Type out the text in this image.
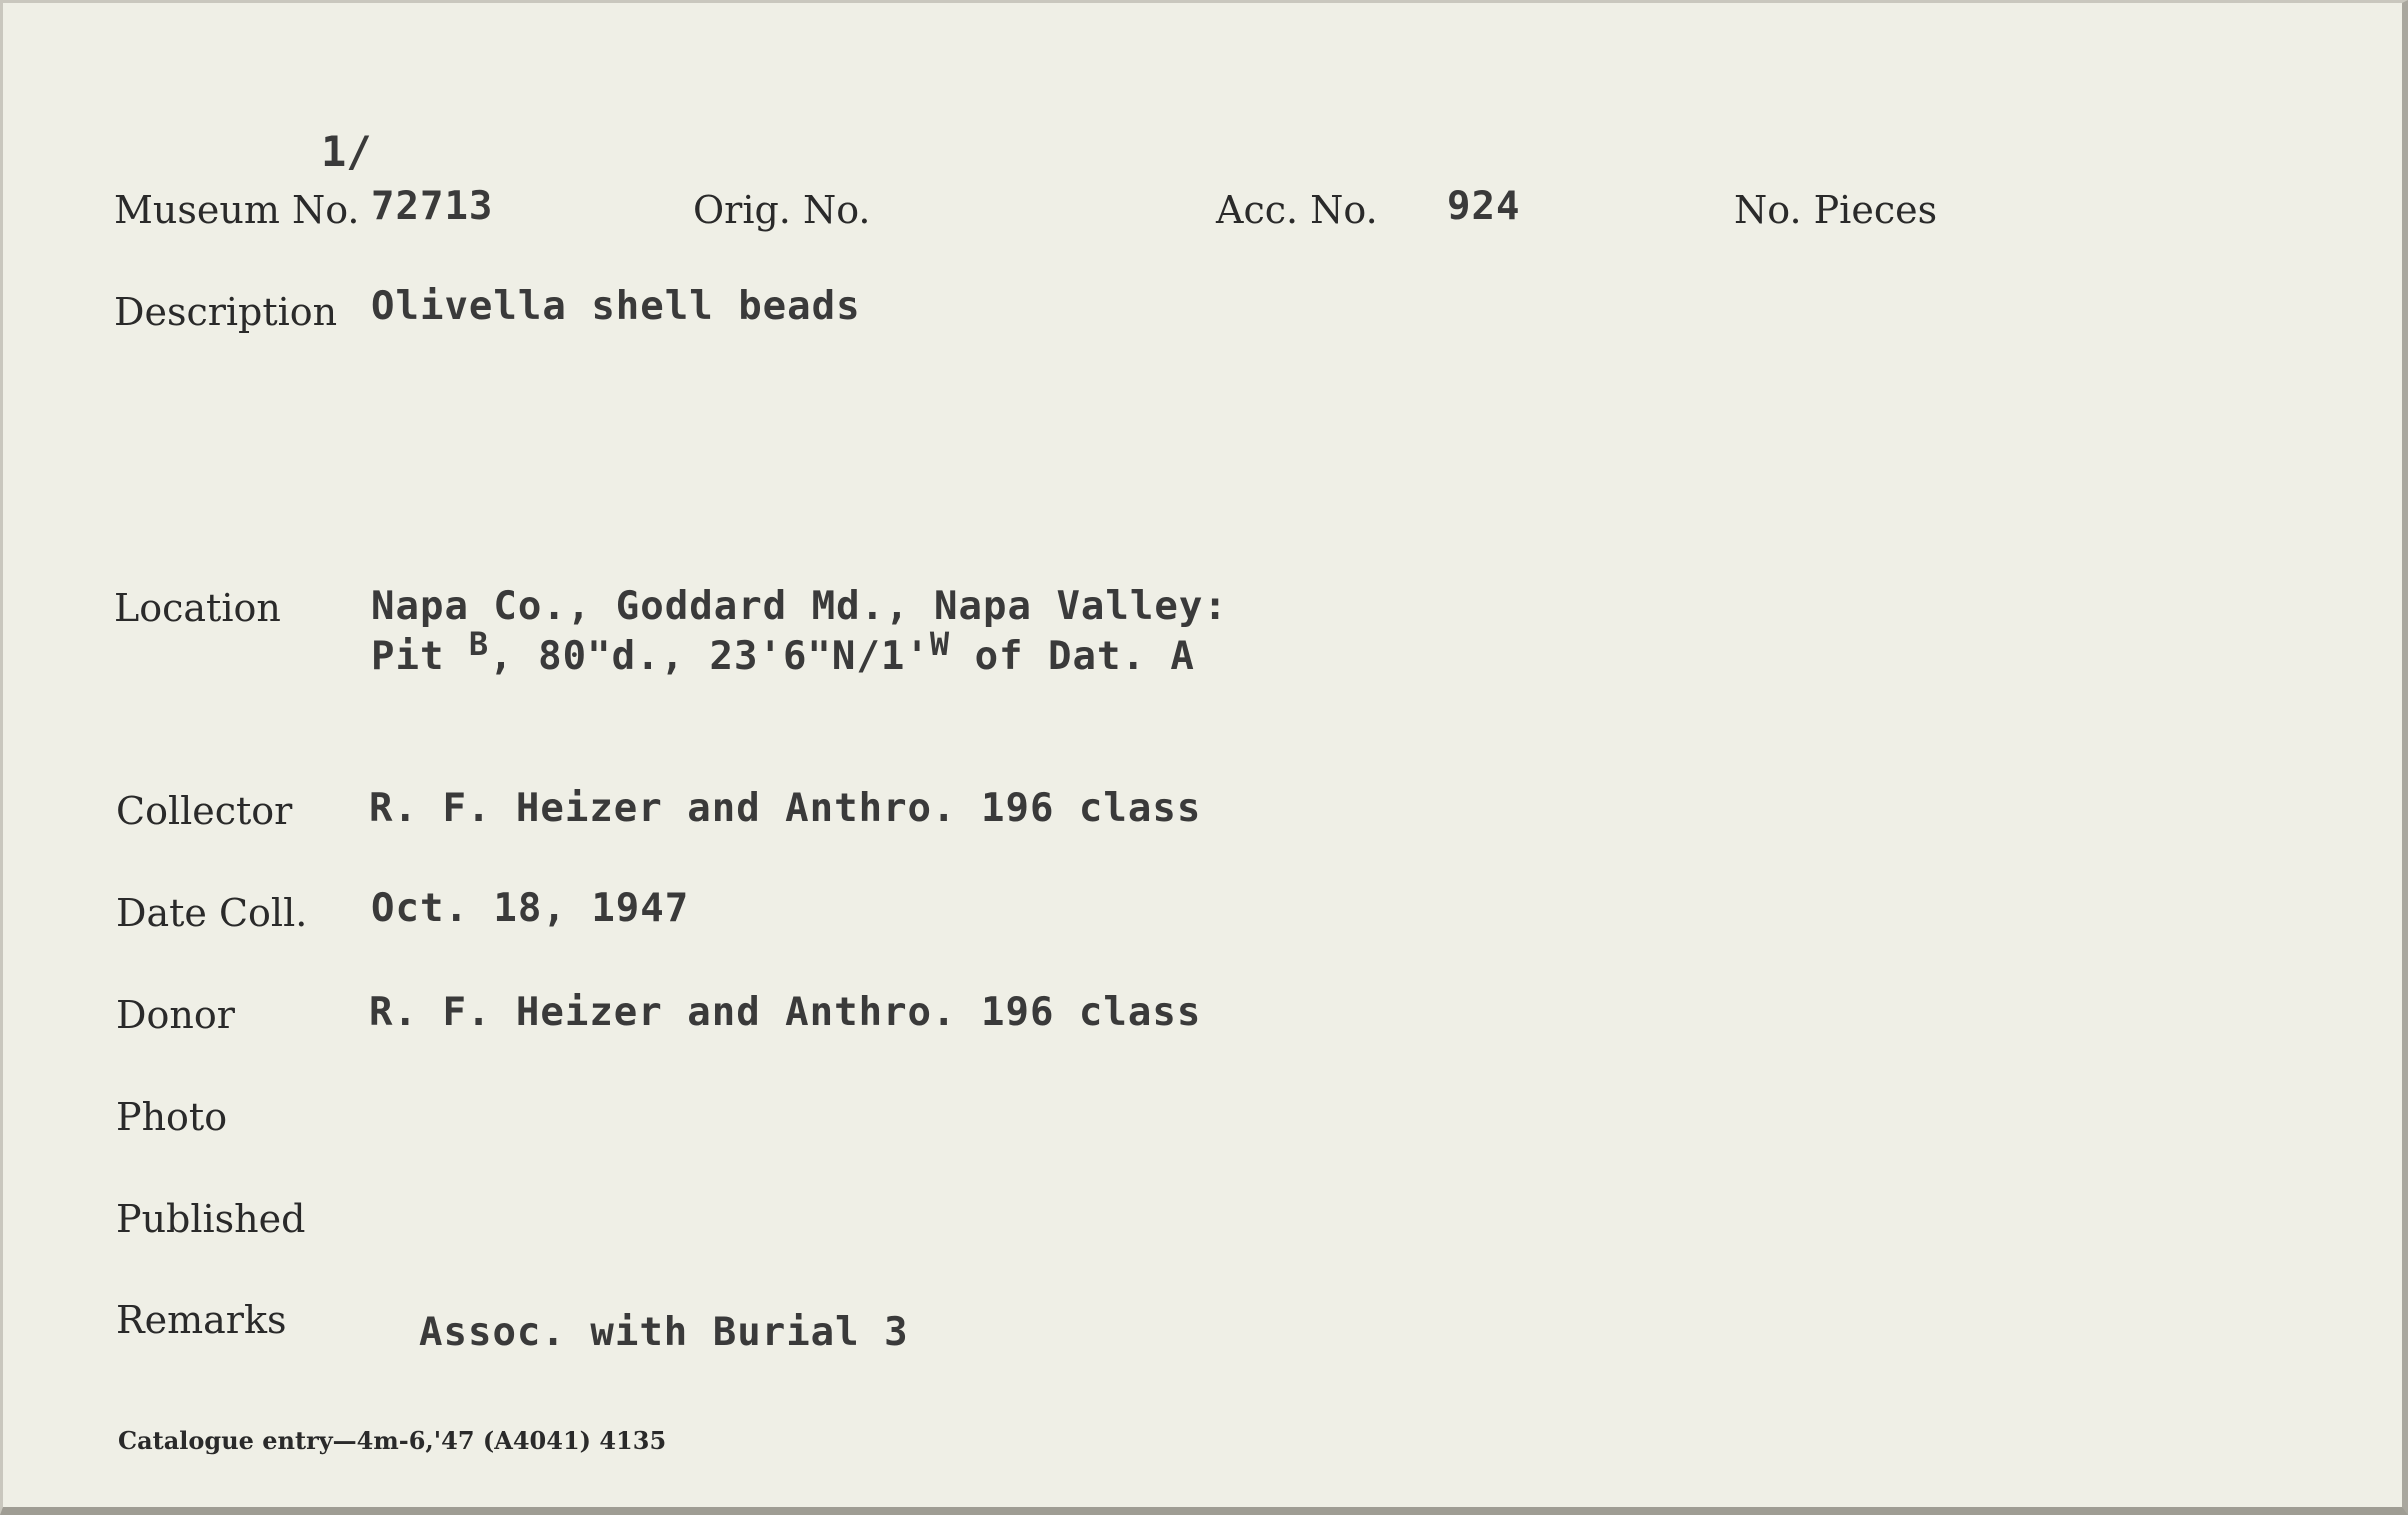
1/
Museum No. 72713	Orig. No.	Acc. No. 924	No. Pieces
Description Olivella shell beads
Location Napa Co., Goddard Md., Napa Valley:
Pit $^B$, 80"d., $23'6"N/1'^W$ of Dat. A
Collector R. F. Heizer and Anthro. 196 class
Date Coll. Oct. 18, 1947
Donor	R. F. Heizer and Anthro. 196 class
Photo
Published
Remarks	Assoc. with Burial 3
Catalogue entry—4m-6,'47 (A4041) 4135
